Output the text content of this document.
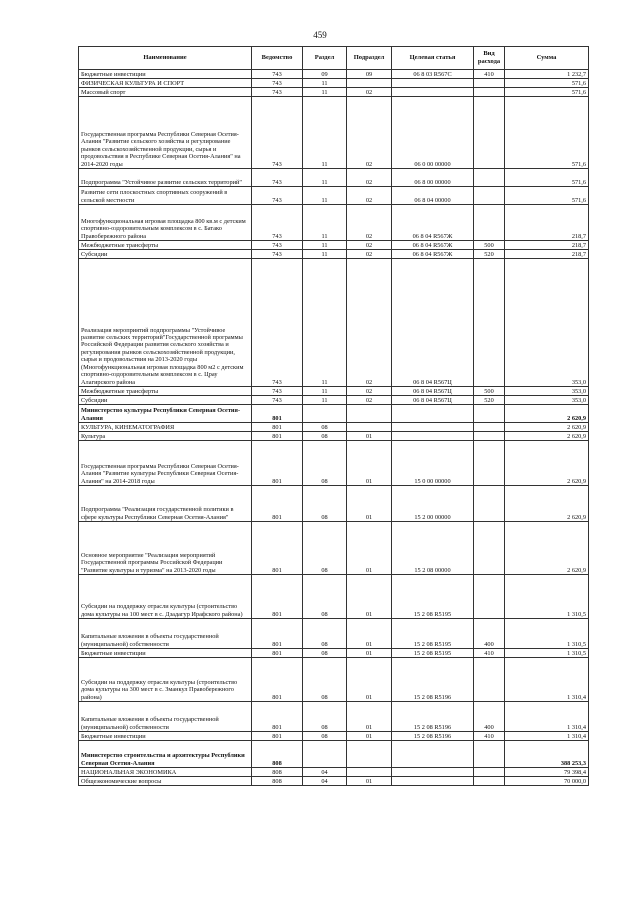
459
Наименование	Ведомство	Раздел	Подраздел	Целевая статья	Вид расхода	Сумма
Бюджетные инвестиции	743	09	09	06 8 03 R567С	410	1 232,7
ФИЗИЧЕСКАЯ КУЛЬТУРА И СПОРТ	743	11				571,6
Массовый спорт	743	11	02			571,6
Государственная программа Республики Северная Осетия-Алания "Развитие сельского хозяйства и регулирование рынков сельскохозяйственной продукции, сырья и продовольствия в Республике Северная Осетия-Алания" на 2014-2020 годы	743	11	02	06 0 00 00000		571,6
Подпрограмма "Устойчивое развитие сельских территорий"	743	11	02	06 8 00 00000		571,6
Развитие сети плоскостных спортивных сооружений в сельской местности	743	11	02	06 8 04 00000		571,6
Многофункциональная игровая площадка 800 кв.м с детским спортивно-оздоровительным комплексом в с. Батако Правобережного района	743	11	02	06 8 04 R567Ж		218,7
Межбюджетные трансферты	743	11	02	06 8 04 R567Ж	500	218,7
Субсидии	743	11	02	06 8 04 R567Ж	520	218,7
Реализация мероприятий подпрограммы "Устойчивое развитие сельских территорий"Государственной программы Российской Федерации развития сельского хозяйства и регулирования рынков сельскохозяйственной продукции, сырья и продовольствия на 2013-2020 годы (Многофункциональная игровая площадка 800 м2 с детским спортивно-оздоровительным комплексом в с. Црау Алагирского района	743	11	02	06 8 04 R567Ц		353,0
Межбюджетные трансферты	743	11	02	06 8 04 R567Ц	500	353,0
Субсидии	743	11	02	06 8 04 R567Ц	520	353,0
Министерство культуры Республики Северная Осетия-Алания	801					2 620,9
КУЛЬТУРА, КИНЕМАТОГРАФИЯ	801	08				2 620,9
Культура	801	08	01			2 620,9
Государственная программа Республики Северная Осетия-Алания "Развитие культуры Республики Северная Осетия-Алания" на 2014-2018 годы	801	08	01	15 0 00 00000		2 620,9
Подпрограмма "Реализация государственной политики в сфере культуры Республики Северная Осетия-Алания"	801	08	01	15 2 00 00000		2 620,9
Основное мероприятие "Реализация мероприятий Государственной программы Российской Федерации "Развитие культуры и туризма" на 2013-2020 годы	801	08	01	15 2 08 00000		2 620,9
Субсидии на поддержку отрасли культуры (строительство дома культуры на 100 мест в с. Дзадагур Ирафского района)	801	08	01	15 2 08 R5195		1 310,5
Капитальные вложения в объекты государственной (муниципальной) собственности	801	08	01	15 2 08 R5195	400	1 310,5
Бюджетные инвестиции	801	08	01	15 2 08 R5195	410	1 310,5
Субсидии на поддержку отрасли культуры (строительство дома культуры на 300 мест в с. Зманкул Правобережного района)	801	08	01	15 2 08 R5196		1 310,4
Капитальные вложения в объекты государственной (муниципальной) собственности	801	08	01	15 2 08 R5196	400	1 310,4
Бюджетные инвестиции	801	08	01	15 2 08 R5196	410	1 310,4
Министерство строительства и архитектуры Республики Северная Осетия-Алания	808					388 253,3
НАЦИОНАЛЬНАЯ ЭКОНОМИКА	808	04				79 398,4
Общеэкономические вопросы	808	04	01			70 000,0
